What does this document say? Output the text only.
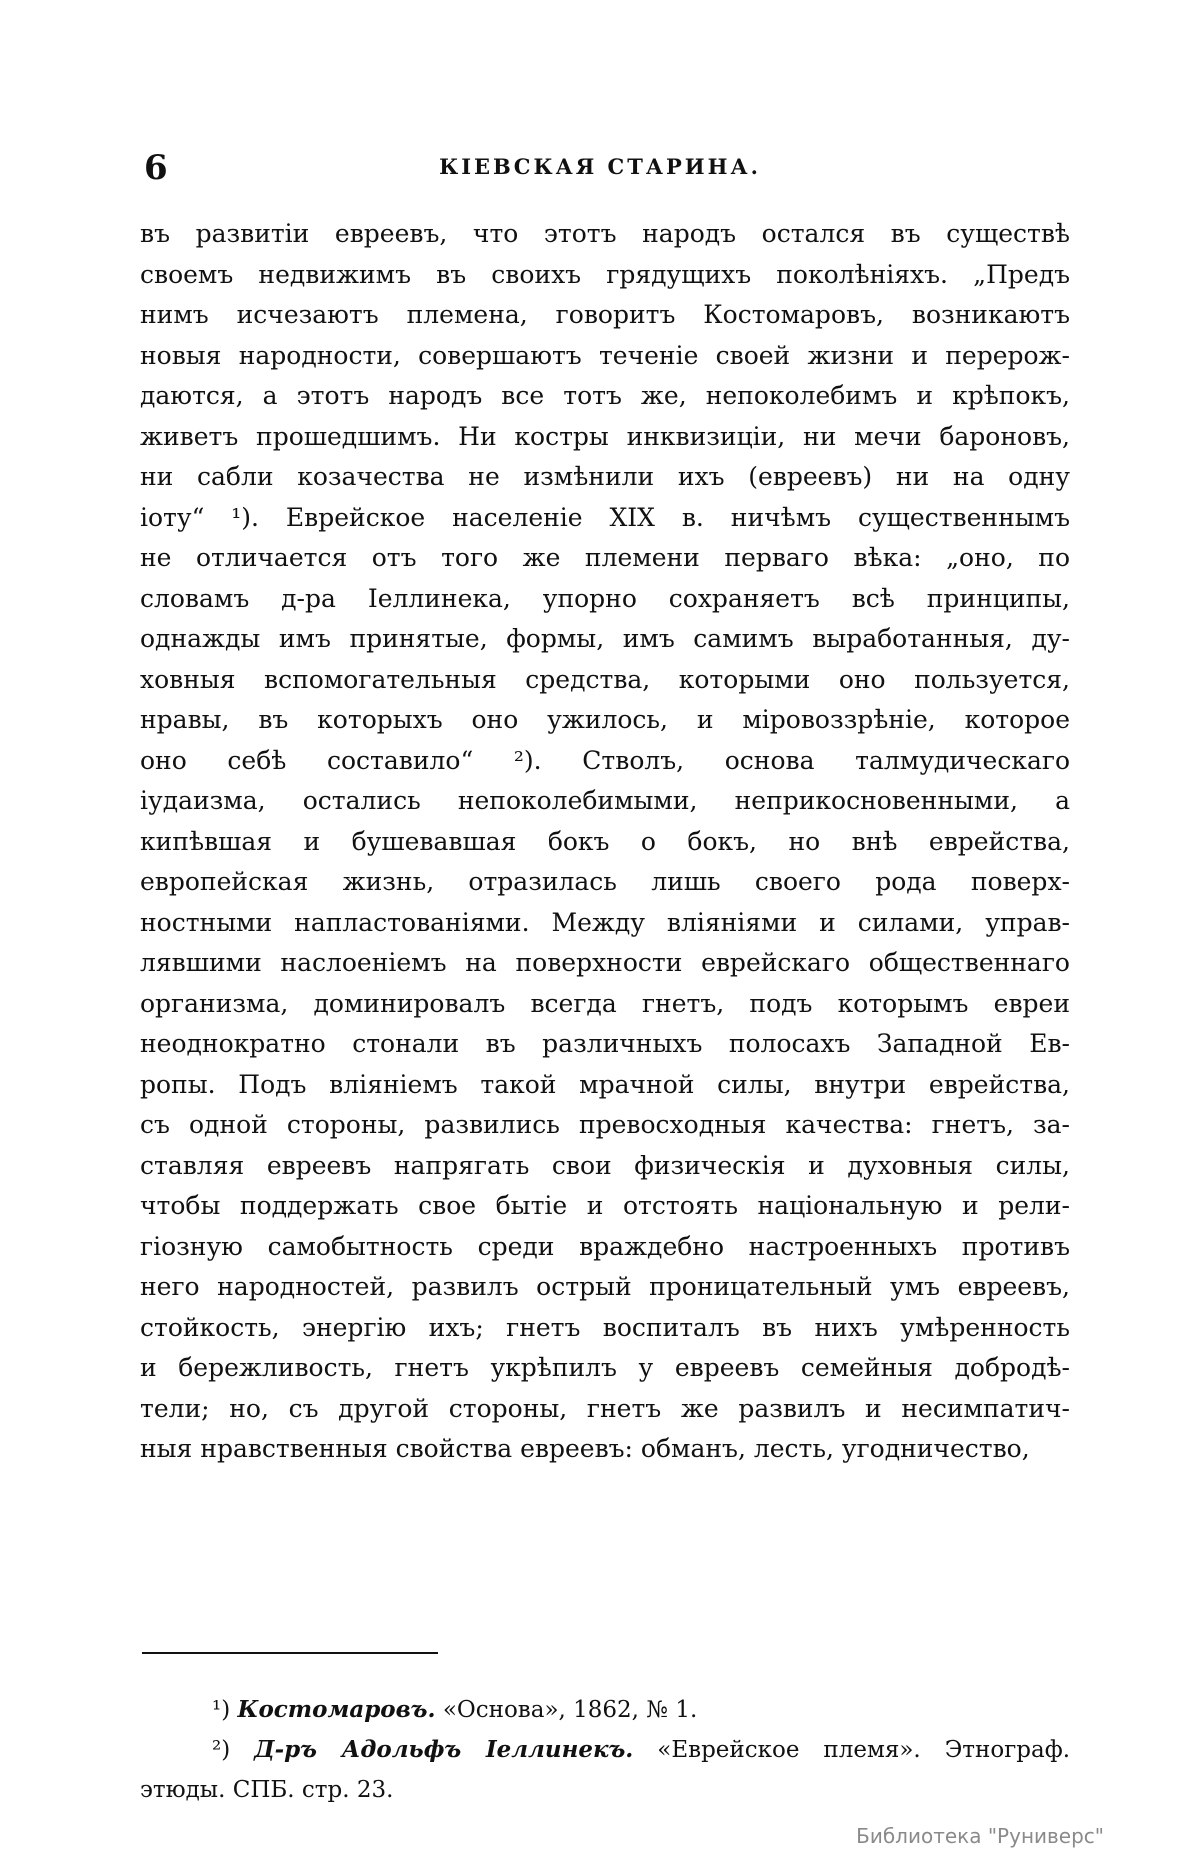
6	КІЕВСКАЯ СТАРИНА.
въ развитіи евреевъ, что этотъ народъ остался въ существѣ
своемъ недвижимъ въ своихъ грядущихъ поколѣніяхъ. „Предъ
нимъ исчезаютъ племена, говоритъ Костомаровъ, возникаютъ
новыя народности, совершаютъ теченіе своей жизни и перерож-
даются, а этотъ народъ все тотъ же, непоколебимъ и крѣпокъ,
живетъ прошедшимъ. Ни костры инквизиціи, ни мечи бароновъ,
ни сабли козачества не измѣнили ихъ (евреевъ) ни на одну
іоту“ ¹). Еврейское населеніе XIX в. ничѣмъ существеннымъ
не отличается отъ того же племени перваго вѣка: „оно, по
словамъ д-ра Іеллинека, упорно сохраняетъ всѣ принципы,
однажды имъ принятые, формы, имъ самимъ выработанныя, ду-
ховныя вспомогательныя средства, которыми оно пользуется,
нравы, въ которыхъ оно ужилось, и міровоззрѣніе, которое
оно себѣ составило“ ²). Стволъ, основа талмудическаго
іудаизма, остались непоколебимыми, неприкосновенными, а
кипѣвшая и бушевавшая бокъ о бокъ, но внѣ еврейства,
европейская жизнь, отразилась лишь своего рода поверх-
ностными напластованіями. Между вліяніями и силами, управ-
лявшими наслоеніемъ на поверхности еврейскаго общественнаго
организма, доминировалъ всегда гнетъ, подъ которымъ евреи
неоднократно стонали въ различныхъ полосахъ Западной Ев-
ропы. Подъ вліяніемъ такой мрачной силы, внутри еврейства,
съ одной стороны, развились превосходныя качества: гнетъ, за-
ставляя евреевъ напрягать свои физическія и духовныя силы,
чтобы поддержать свое бытіе и отстоять національную и рели-
гіозную самобытность среди враждебно настроенныхъ противъ
него народностей, развилъ острый проницательный умъ евреевъ,
стойкость, энергію ихъ; гнетъ воспиталъ въ нихъ умѣренность
и бережливость, гнетъ укрѣпилъ у евреевъ семейныя добродѣ-
тели; но, съ другой стороны, гнетъ же развилъ и несимпатич-
ныя нравственныя свойства евреевъ: обманъ, лесть, угодничество,
¹) Костомаровъ. «Основа», 1862, № 1.
²) Д-ръ Адольфъ Іеллинекъ. «Еврейское племя». Этнограф.
этюды. СПБ. стр. 23.
Библиотека "Руниверс"
